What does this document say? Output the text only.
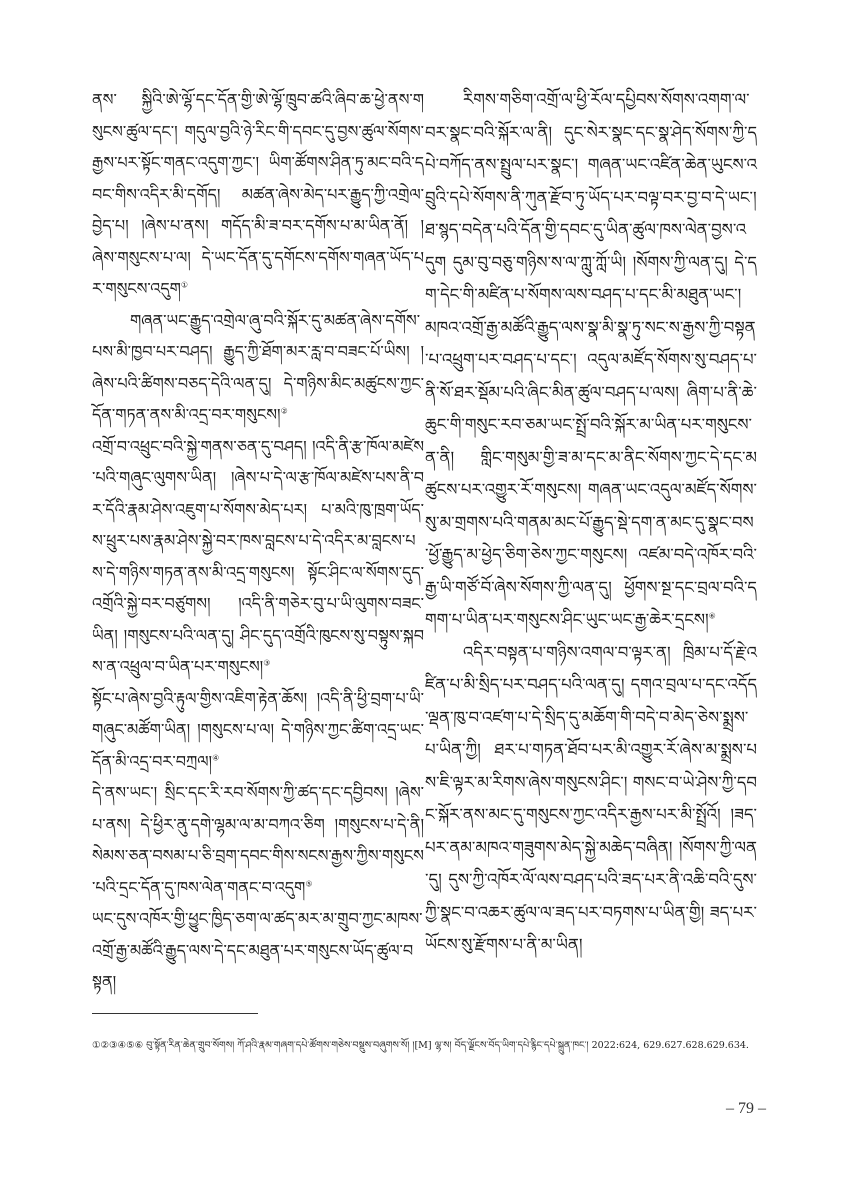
ནས་ སྐྱིའི་ཨེ་ལྷོ་དང་དོན་གྱི་ཨེ་ལྷོ་ཁྲུབ་ཚའི་ཞིབ་ཆ་ཕྱེ་ནས་གསུངས་ཚུལ་དང་། གདུལ་བྱའི་ཉེ་རིང་གི་དབང་དུ་བྱས་ཚུལ་སོགས་རྒྱས་པར་སྟོང་གནང་འདུག་ཀྱང་། ཡིག་ཚོགས་ཤིན་ཏུ་མང་བའི་དབང་གིས་འདིར་མི་དགོད། མཚན་ཞེས་མེད་པར་རྒྱུད་ཀྱི་འགྲེལ་བྱེད་པ། །ཞེས་པ་ནས། གདོད་མི་ཟ་བར་དགོས་པ་མ་ཡིན་ནོ། །ཞེས་གསུངས་པ་ལ། དེ་ཡང་དོན་དུ་དགོངས་དགོས་གཞན་ཡོད་པར་གསུངས་འདུག①

གཞན་ཡང་རྒྱུད་འགྲེལ་ཞུ་བའི་སྐོར་དུ་མཚན་ཞེས་དགོས་པས་མི་ཁྱབ་པར་བཤད། རྒྱུད་ཀྱི་ཐོག་མར་རླ་བ་བཟང་པོ་ཡིས། །ཞེས་པའི་ཚིགས་བཅད་དེའི་ལན་དུ། དེ་གཉིས་མིང་མཚུངས་ཀྱང་དོན་གཏན་ནས་མི་འདྲ་བར་གསུངས།②

འགྲོ་བ་འཕྲུང་བའི་སྐྱེ་གནས་ཅན་དུ་བཤད། །འདི་ནི་རྩ་ཁོལ་མཛེས་པའི་གཞུང་ལུགས་ཡིན། །ཞེས་པ་དེ་ལ་རྩ་ཁོལ་མཛེས་པས་ནི་བར་དོའི་རྣམ་ཤེས་འཇུག་པ་སོགས་མེད་པར། པ་མའི་ཁུ་ཁྲག་ཡོད་ས་ཕྲུར་པས་རྣམ་ཤེས་སྐྱེ་བར་ཁས་བླངས་པ་དེ་འདིར་མ་བླངས་པས་དེ་གཉིས་གཏན་ནས་མི་འདྲ་གསུངས། སྟོང་ཤིང་ལ་སོགས་དུད་འགྲོའི་སྐྱེ་བར་བཙུགས། །འདི་ནི་གཅེར་བུ་པ་ཡི་ལུགས་བཟང་ཡིན། །གསུངས་པའི་ལན་དུ། ཤིང་དུད་འགྲོའི་ཁུངས་སུ་བསྟུས་སྐབས་ན་འཕྲུལ་བ་ཡིན་པར་གསུངས།③

སྟོང་པ་ཞེས་བྱའི་རྟུལ་གྱིས་འཇིག་རྟེན་ཆོས། །འདི་ནི་ཕྱི་བྲག་པ་ཡི་གཞུང་མཚོག་ཡིན། །གསུངས་པ་ལ། དེ་གཉིས་ཀྱང་ཚིག་འདྲ་ཡང་དོན་མི་འདྲ་བར་བཀྲལ།④

དེ་ནས་ཡང་། སྲིང་དང་རི་རབ་སོགས་ཀྱི་ཚད་དང་དབྱིབས། །ཞེས་པ་ནས། དེ་ཕྱིར་ནུ་དགེ་ལྷམ་ལ་མ་བཀའ་ཅིག །གསུངས་པ་དེ་ནི། སེམས་ཅན་བསམ་པ་ཅི་བྲག་དབང་གིས་སངས་རྒྱས་ཀྱིས་གསུངས་པའི་དྲང་དོན་དུ་ཁས་ལེན་གནང་བ་འདུག⑤

ཡང་དུས་འཁོར་གྱི་ཕྱུང་ཁྱིད་ཅག་ལ་ཚད་མར་མ་གྲུབ་ཀྱང་མཁས་འགྲོ་རྒྱ་མཚོའི་རྒྱུད་ལས་དེ་དང་མཐུན་པར་གསུངས་ཡོད་ཚུལ་བསྟན།

རིགས་གཅིག་འགྲོ་ལ་ཕྱི་རོལ་དཔྱིབས་སོགས་འགག་ལ་བར་སྣང་བའི་སྐོར་ལ་ནི། དུང་སེར་སྣང་དང་སྣ་ཤེད་སོགས་ཀྱི་དཔེ་བཀོད་ནས་སྤྲུལ་པར་སྣང་། གཞན་ཡང་འཛིན་ཆེན་ཡུངས་འབྲུའི་དཔེ་སོགས་ནི་ཀུན་རྫོབ་ཏུ་ཡོད་པར་བལྟ་བར་བྱ་བ་དེ་ཡང་། ཐ་སྙད་བདེན་པའི་དོན་གྱི་དབང་དུ་ཡིན་ཚུལ་ཁས་ལེན་བྱས་འདུག དུམ་བུ་བཅུ་གཉིས་ས་ལ་ཀླུ་ཀློ་ཡི། །སོགས་ཀྱི་ལན་དུ། དེ་དག་དེང་གི་མཛིན་པ་སོགས་ལས་བཤད་པ་དང་མི་མཐུན་ཡང་། མཁའ་འགྲོ་རྒྱ་མཚོའི་རྒྱུད་ལས་སྣ་མི་སྣ་ཏུ་སང་ས་རྒྱས་ཀྱི་བསྟན་པ་འཕྲུག་པར་བཤད་པ་དང་། འདུལ་མཛོད་སོགས་སུ་བཤད་པ་ནི་སོ་ཐར་སྡོམ་པའི་ཞིང་མིན་ཚུལ་བཤད་པ་ལས། ཞིག་པ་ནི་ཆེ་ཆུང་གི་གསུང་རབ་ཅམ་ཡང་སྤྲོ་བའི་སྐོར་མ་ཡིན་པར་གསུངས་ན་ནི། གླིང་གསུམ་གྱི་ཟ་མ་དང་མ་ནིང་སོགས་ཀྱང་དེ་དང་མཚུངས་པར་འགྱུར་རོ་གསུངས། གཞན་ཡང་འདུལ་མཛོད་སོགས་སུ་མ་གྲགས་པའི་གནམ་མང་པོ་རྒྱུད་སྡེ་དག་ན་མང་དུ་སྣང་བས་ཕྱོ་རྒྱུད་མ་ཕྱེད་ཅིག་ཅེས་ཀྱང་གསུངས། འཛམ་བདེ་འཁོར་བའི་རྒྱ་ཡི་གཙོ་བོ་ཞེས་སོགས་ཀྱི་ལན་དུ། ཕྱོགས་སྔ་དང་བྲལ་བའི་དགག་པ་ཡིན་པར་གསུངས་ཤིང་ཡུང་ཡང་རྒྱ་ཆེར་དྲངས།⑥

འདིར་བསྟན་པ་གཉིས་འགལ་བ་ལྟར་ན། ཁྲིམ་པ་དོ་རྗེ་འཛིན་པ་མི་སྲིད་པར་བཤད་པའི་ལན་དུ། དགའ་བྲལ་པ་དང་འདོད་ལྡན་ཁུ་བ་འཛག་པ་དེ་སྲིད་དུ་མཆོག་གི་བདེ་བ་མེད་ཅེས་སྨྲས་པ་ཡིན་ཀྱི། ཐར་པ་གཏན་ཐོབ་པར་མི་འགྱུར་རོ་ཞེས་མ་སྨྲས་པས་ཇི་ལྟར་མ་རིགས་ཞེས་གསུངས་ཤིང་། གསང་བ་ཡེ་ཤེས་ཀྱི་དབང་སྐོར་ནས་མང་དུ་གསུངས་ཀྱང་འདིར་རྒྱས་པར་མི་སྤྲོའོ། །ཟད་པར་ནམ་མཁའ་གཟུགས་མེད་སྐྱེ་མཆེད་བཞིན། །སོགས་ཀྱི་ལན་དུ། དུས་ཀྱི་འཁོར་ལོ་ལས་བཤད་པའི་ཟད་པར་ནི་འཆི་བའི་དུས་ཀྱི་སྣང་བ་འཆར་ཚུལ་ལ་ཟད་པར་བཏགས་པ་ཡིན་གྱི། ཟད་པར་ཡོངས་སུ་རྫོགས་པ་ནི་མ་ཡིན།

①②③④⑤⑥ བུ་སྟོན་རིན་ཆེན་གྲུབ་སོགས། ཀོ་ཤའི་རྣམ་གཞག་དཔེ་ཚོགས་གཅེས་བསྡུས་བཞུགས་སོ། །[M] ལྷ་ས། བོད་ལྗོངས་བོད་ཡིག་དཔེ་རྙིང་དཔེ་སྐྲུན་ཁང་། 2022:624, 629.627.628.629.634.
– 79 –
